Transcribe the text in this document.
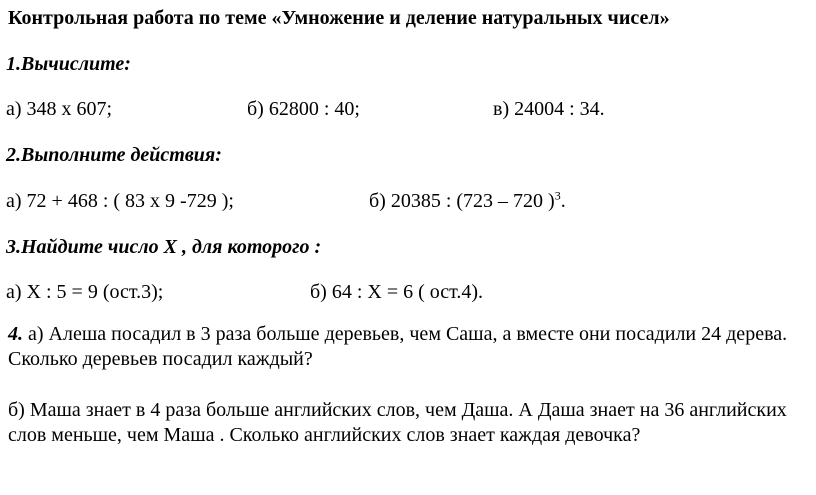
Контрольная работа по теме «Умножение и деление натуральных чисел»
1.Вычислите:
а) 348 х 607;	б) 62800 : 40;	в) 24004 : 34.
2.Выполните действия:
а) 72 + 468 : ( 83 х 9 -729 );	б) 20385 : (723 – 720 )$^3$.
3.Найдите число Х , для которого :
а) Х : 5 = 9 (ост.3);	б) 64 : Х = 6 ( ост.4).
4. а) Алеша посадил в 3 раза больше деревьев, чем Саша, а вместе они посадили 24 дерева. Сколько деревьев посадил каждый?
б) Маша знает в 4 раза больше английских слов, чем Даша. А Даша знает на 36 английских слов меньше, чем Маша . Сколько английских слов знает каждая девочка?
